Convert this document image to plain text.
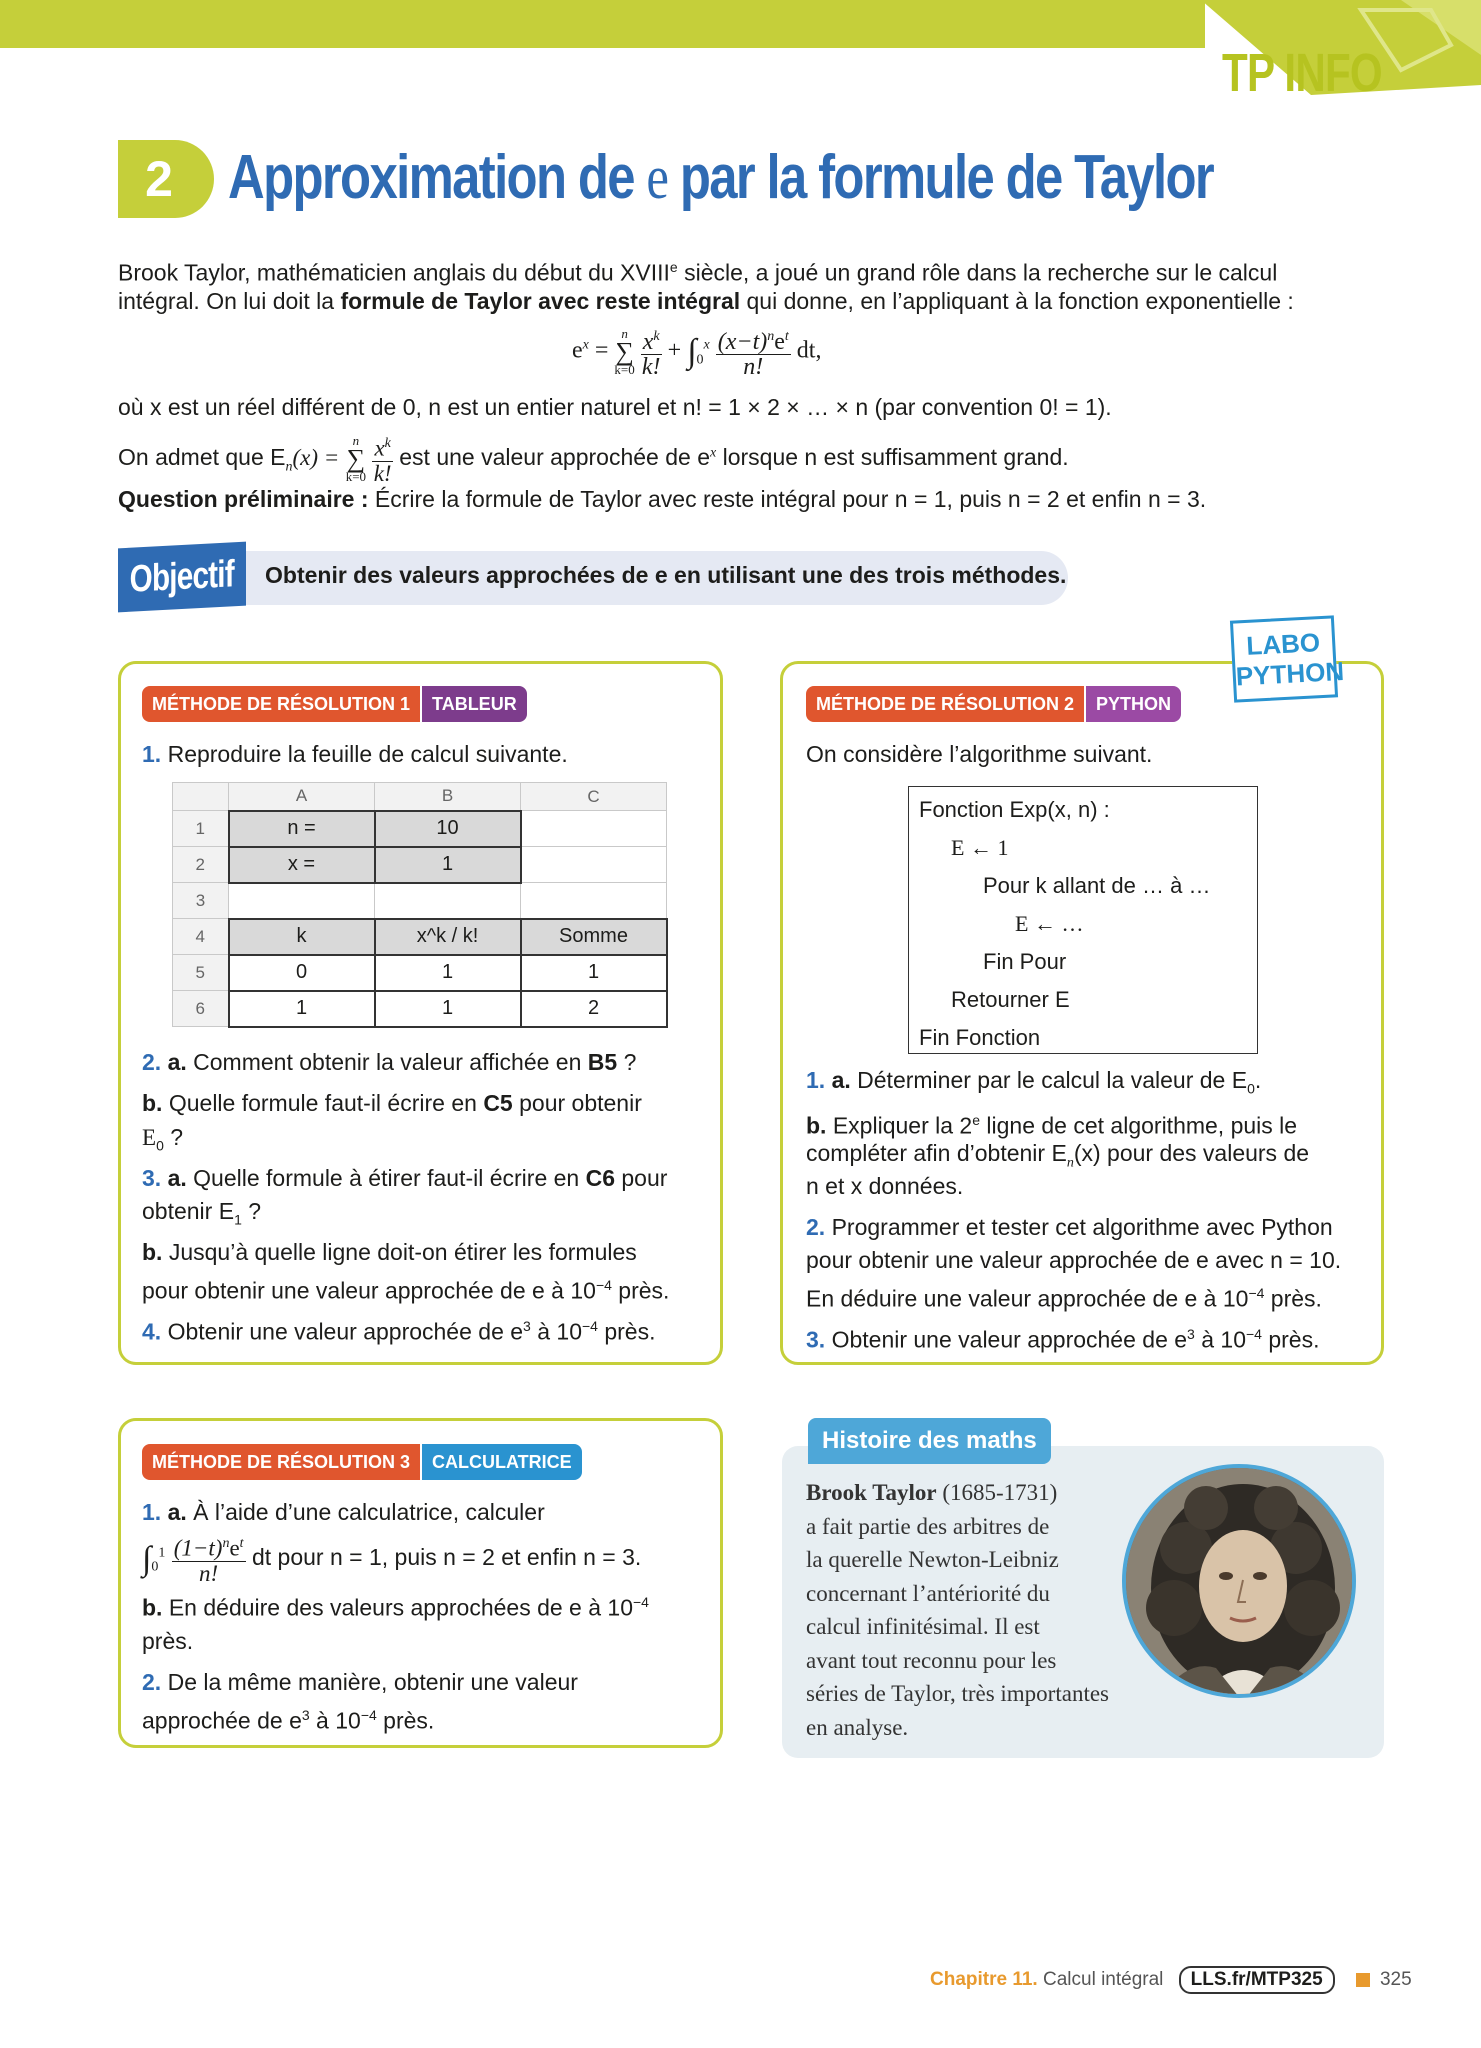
TP INFO
2 Approximation de e par la formule de Taylor
Brook Taylor, mathématicien anglais du début du XVIIIe siècle, a joué un grand rôle dans la recherche sur le calcul
intégral. On lui doit la formule de Taylor avec reste intégral qui donne, en l’appliquant à la fonction exponentielle :
$e^x = n$
∑
$k=0 \frac{x^k}{k!} + \int_0^x \frac{(x-t)^ne^t}{n!}$ dt,
où x est un réel différent de 0, n est un entier naturel et n! = 1 × 2 × … × n (par convention 0! = 1).
On admet que $E_n(x) = n$
∑
$k=0 \frac{x^k}{k!}$ est une valeur approchée de $e^x$ lorsque n est suffisamment grand.
Question préliminaire : Écrire la formule de Taylor avec reste intégral pour n = 1, puis n = 2 et enfin n = 3.
Objectif Obtenir des valeurs approchées de e en utilisant une des trois méthodes.
MÉTHODE DE RÉSOLUTION 1	TABLEUR
1. Reproduire la feuille de calcul suivante.
	A	B	C
1	n =	10	
2	x =	1	
3			
4	k	x^k / k!	Somme
5	0	1	1
6	1	1	2
2. a. Comment obtenir la valeur affichée en B5 ?
b. Quelle formule faut-il écrire en C5 pour obtenir
$E_0$ ?
3. a. Quelle formule à étirer faut-il écrire en C6 pour
obtenir $E_1$ ?
b. Jusqu’à quelle ligne doit-on étirer les formules
pour obtenir une valeur approchée de e à $10^{-4}$ près.
4. Obtenir une valeur approchée de $e^3$ à $10^{-4}$ près.
LABO
PYTHON
MÉTHODE DE RÉSOLUTION 2	PYTHON
On considère l’algorithme suivant.
Fonction Exp(x, n) :
E ← 1
Pour k allant de … à …
E ← …
Fin Pour
Retourner E
Fin Fonction
1. a. Déterminer par le calcul la valeur de $E_0$.
b. Expliquer la 2e ligne de cet algorithme, puis le
compléter afin d’obtenir $E_n(x)$ pour des valeurs de
n et x données.
2. Programmer et tester cet algorithme avec Python
pour obtenir une valeur approchée de e avec n = 10.
En déduire une valeur approchée de e à $10^{-4}$ près.
3. Obtenir une valeur approchée de $e^3$ à $10^{-4}$ près.
MÉTHODE DE RÉSOLUTION 3	CALCULATRICE
1. a. À l’aide d’une calculatrice, calculer
$\int_0^1 \frac{(1-t)^ne^t}{n!}$ dt pour n = 1, puis n = 2 et enfin n = 3.
b. En déduire des valeurs approchées de e à $10^{-4}$
près.
2. De la même manière, obtenir une valeur
approchée de $e^3$ à $10^{-4}$ près.
Histoire des maths
Brook Taylor (1685-1731)
a fait partie des arbitres de
la querelle Newton-Leibniz
concernant l’antériorité du
calcul infinitésimal. Il est
avant tout reconnu pour les
séries de Taylor, très importantes
en analyse.
Chapitre 11. Calcul intégral LLS.fr/MTP325	325
